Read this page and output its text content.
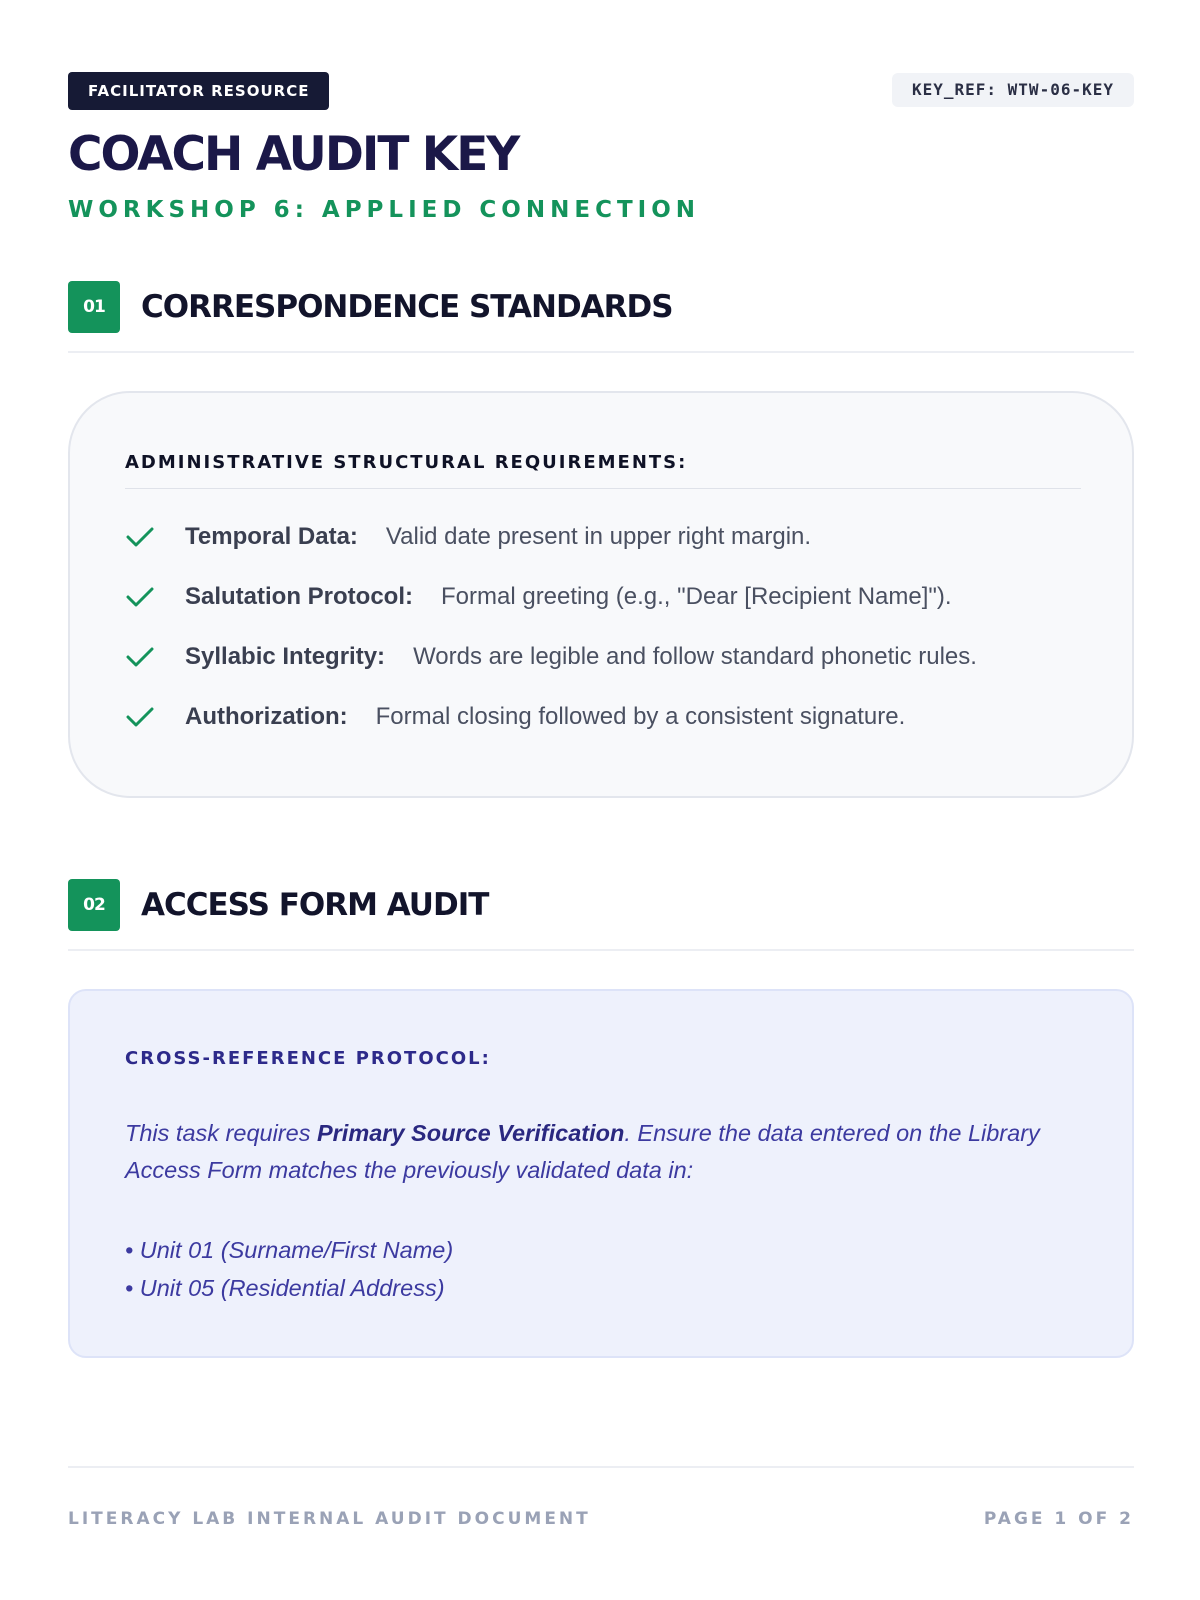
FACILITATOR RESOURCE	KEY_REF: WTW-06-KEY
COACH AUDIT KEY
WORKSHOP 6: APPLIED CONNECTION
01	CORRESPONDENCE STANDARDS
ADMINISTRATIVE STRUCTURAL REQUIREMENTS:
Temporal Data: Valid date present in upper right margin.
Salutation Protocol: Formal greeting (e.g., "Dear [Recipient Name]").
Syllabic Integrity: Words are legible and follow standard phonetic rules.
Authorization: Formal closing followed by a consistent signature.
02	ACCESS FORM AUDIT
CROSS-REFERENCE PROTOCOL:

This task requires Primary Source Verification. Ensure the data entered on the Library Access Form matches the previously validated data in:

• Unit 01 (Surname/First Name)
• Unit 05 (Residential Address)
LITERACY LAB INTERNAL AUDIT DOCUMENT	PAGE 1 OF 2
